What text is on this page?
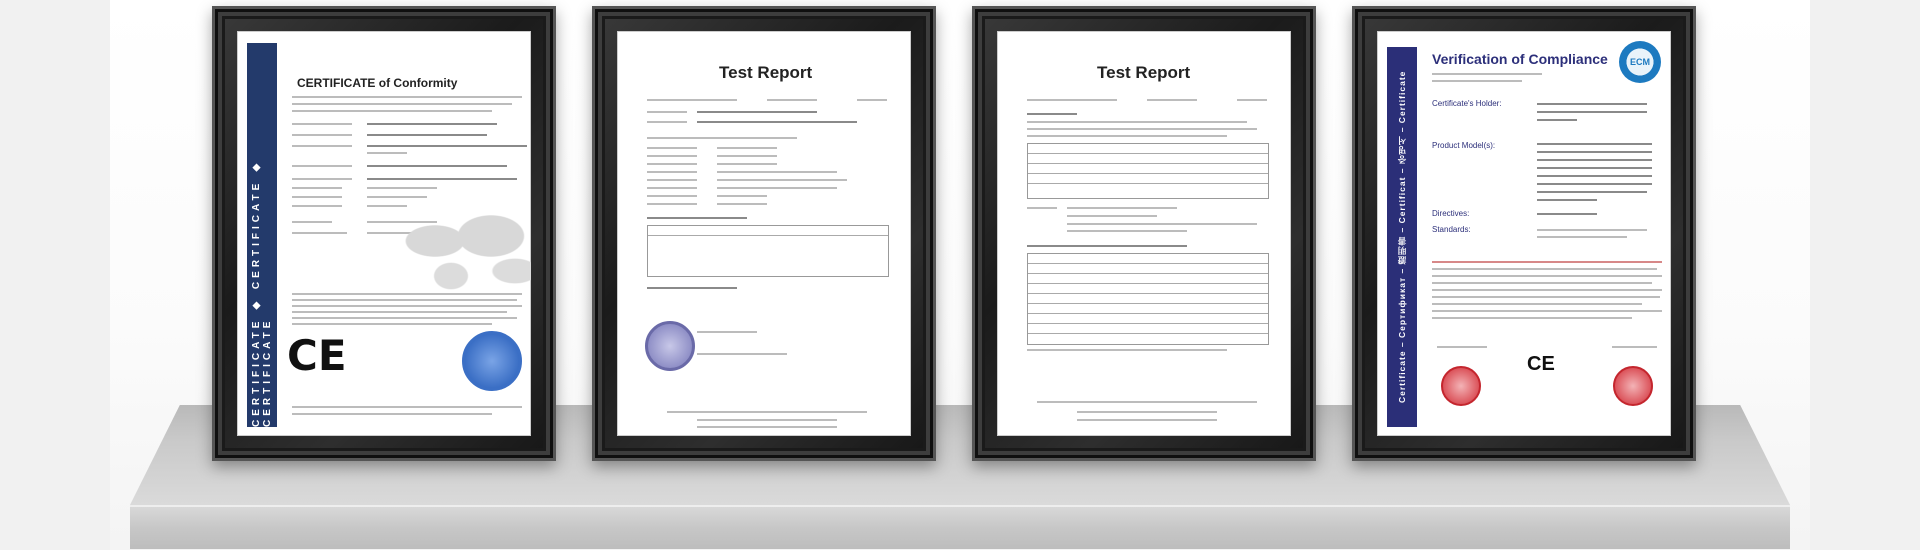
CERTIFICATE ◆ CERTIFICATE ◆ CERTIFICATE
CERTIFICATE of Conformity
CE
Test Report	Test Report	Certificate – Сертификат – 證明書 – Certificat – 증명서 – Certificate
Verification of Compliance	ECM
Certificate's Holder:
Product Model(s):
Directives:
Standards:
CE
